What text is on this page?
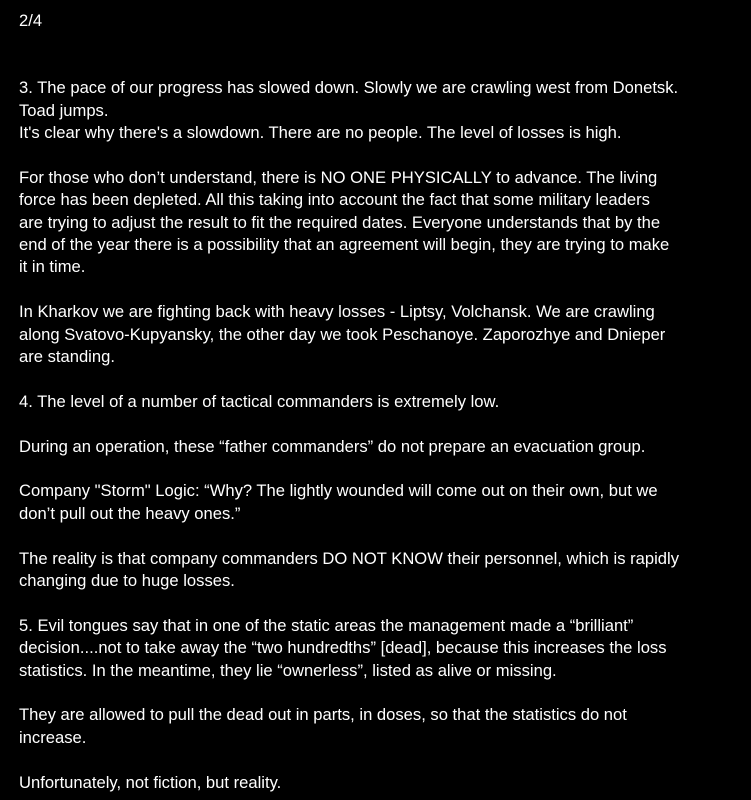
2/4

3. The pace of our progress has slowed down. Slowly we are crawling west from Donetsk.

Toad jumps.

It's clear why there's a slowdown. There are no people. The level of losses is high.

For those who don’t understand, there is NO ONE PHYSICALLY to advance. The living

force has been depleted. All this taking into account the fact that some military leaders

are trying to adjust the result to fit the required dates. Everyone understands that by the

end of the year there is a possibility that an agreement will begin, they are trying to make

it in time.

In Kharkov we are fighting back with heavy losses - Liptsy, Volchansk. We are crawling

along Svatovo-Kupyansky, the other day we took Peschanoye. Zaporozhye and Dnieper

are standing.

4. The level of a number of tactical commanders is extremely low.

During an operation, these “father commanders” do not prepare an evacuation group.

Company "Storm" Logic: “Why? The lightly wounded will come out on their own, but we

don’t pull out the heavy ones.”

The reality is that company commanders DO NOT KNOW their personnel, which is rapidly

changing due to huge losses.

5. Evil tongues say that in one of the static areas the management made a “brilliant”

decision....not to take away the “two hundredths” [dead], because this increases the loss

statistics. In the meantime, they lie “ownerless”, listed as alive or missing.

They are allowed to pull the dead out in parts, in doses, so that the statistics do not

increase.

Unfortunately, not fiction, but reality.
